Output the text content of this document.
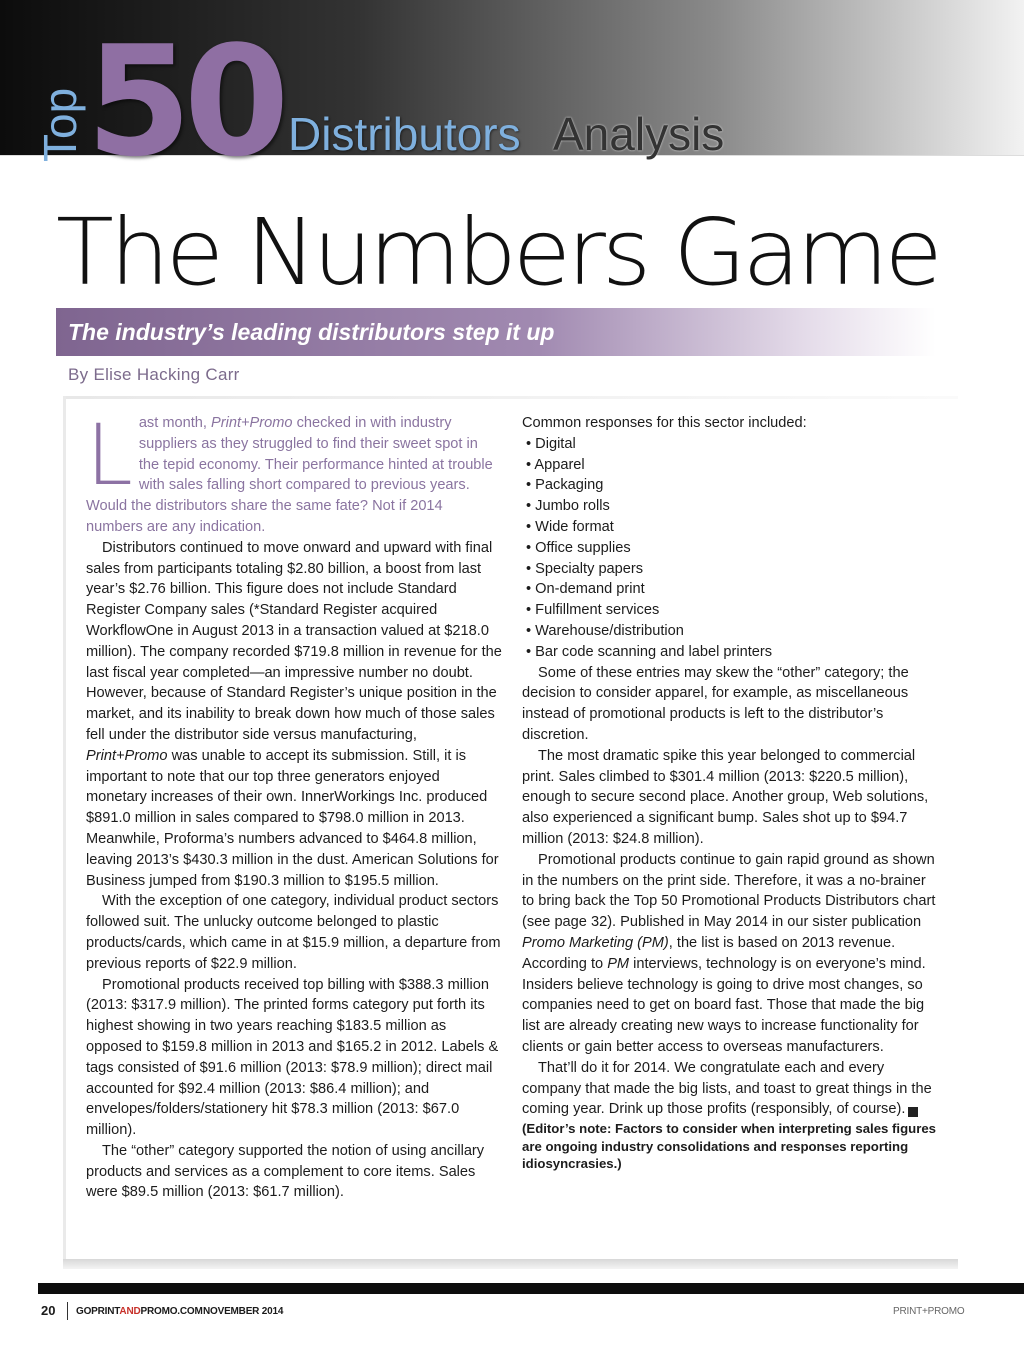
Top 50 Distributors Analysis
The Numbers Game
The industry’s leading distributors step it up
By Elise Hacking Carr

Last month, Print+Promo checked in with industry suppliers as they struggled to find their sweet spot in the tepid economy. Their performance hinted at trouble with sales falling short compared to previous years. Would the distributors share the same fate? Not if 2014 numbers are any indication.

Distributors continued to move onward and upward with final sales from participants totaling $2.80 billion, a boost from last year’s $2.76 billion. This figure does not include Standard Register Company sales (*Standard Register acquired WorkflowOne in August 2013 in a transaction valued at $218.0 million). The company recorded $719.8 million in revenue for the last fiscal year completed—an impressive number no doubt. However, because of Standard Register’s unique position in the market, and its inability to break down how much of those sales fell under the distributor side versus manufacturing, Print+Promo was unable to accept its submission. Still, it is important to note that our top three generators enjoyed monetary increases of their own. InnerWorkings Inc. produced $891.0 million in sales compared to $798.0 million in 2013. Meanwhile, Proforma’s numbers advanced to $464.8 million, leaving 2013’s $430.3 million in the dust. American Solutions for Business jumped from $190.3 million to $195.5 million.

With the exception of one category, individual product sectors followed suit. The unlucky outcome belonged to plastic products/cards, which came in at $15.9 million, a departure from previous reports of $22.9 million.

Promotional products received top billing with $388.3 million (2013: $317.9 million). The printed forms category put forth its highest showing in two years reaching $183.5 million as opposed to $159.8 million in 2013 and $165.2 in 2012. Labels & tags consisted of $91.6 million (2013: $78.9 million); direct mail accounted for $92.4 million (2013: $86.4 million); and envelopes/folders/stationery hit $78.3 million (2013: $67.0 million).

The “other” category supported the notion of using ancillary products and services as a complement to core items. Sales were $89.5 million (2013: $61.7 million).

Common responses for this sector included:

• Digital
• Apparel
• Packaging
• Jumbo rolls
• Wide format
• Office supplies
• Specialty papers
• On-demand print
• Fulfillment services
• Warehouse/distribution
• Bar code scanning and label printers

Some of these entries may skew the “other” category; the decision to consider apparel, for example, as miscellaneous instead of promotional products is left to the distributor’s discretion.

The most dramatic spike this year belonged to commercial print. Sales climbed to $301.4 million (2013: $220.5 million), enough to secure second place. Another group, Web solutions, also experienced a significant bump. Sales shot up to $94.7 million (2013: $24.8 million).

Promotional products continue to gain rapid ground as shown in the numbers on the print side. Therefore, it was a no-brainer to bring back the Top 50 Promotional Products Distributors chart (see page 32). Published in May 2014 in our sister publication Promo Marketing (PM), the list is based on 2013 revenue. According to PM interviews, technology is on everyone’s mind. Insiders believe technology is going to drive most changes, so companies need to get on board fast. Those that made the big list are already creating new ways to increase functionality for clients or gain better access to overseas manufacturers.

That’ll do it for 2014. We congratulate each and every company that made the big lists, and toast to great things in the coming year. Drink up those profits (responsibly, of course). +

(Editor’s note: Factors to consider when interpreting sales figures are ongoing industry consolidations and responses reporting idiosyncrasies.)

20 GOPRINTANDPROMO.COM NOVEMBER 2014	PRINT+PROMO
